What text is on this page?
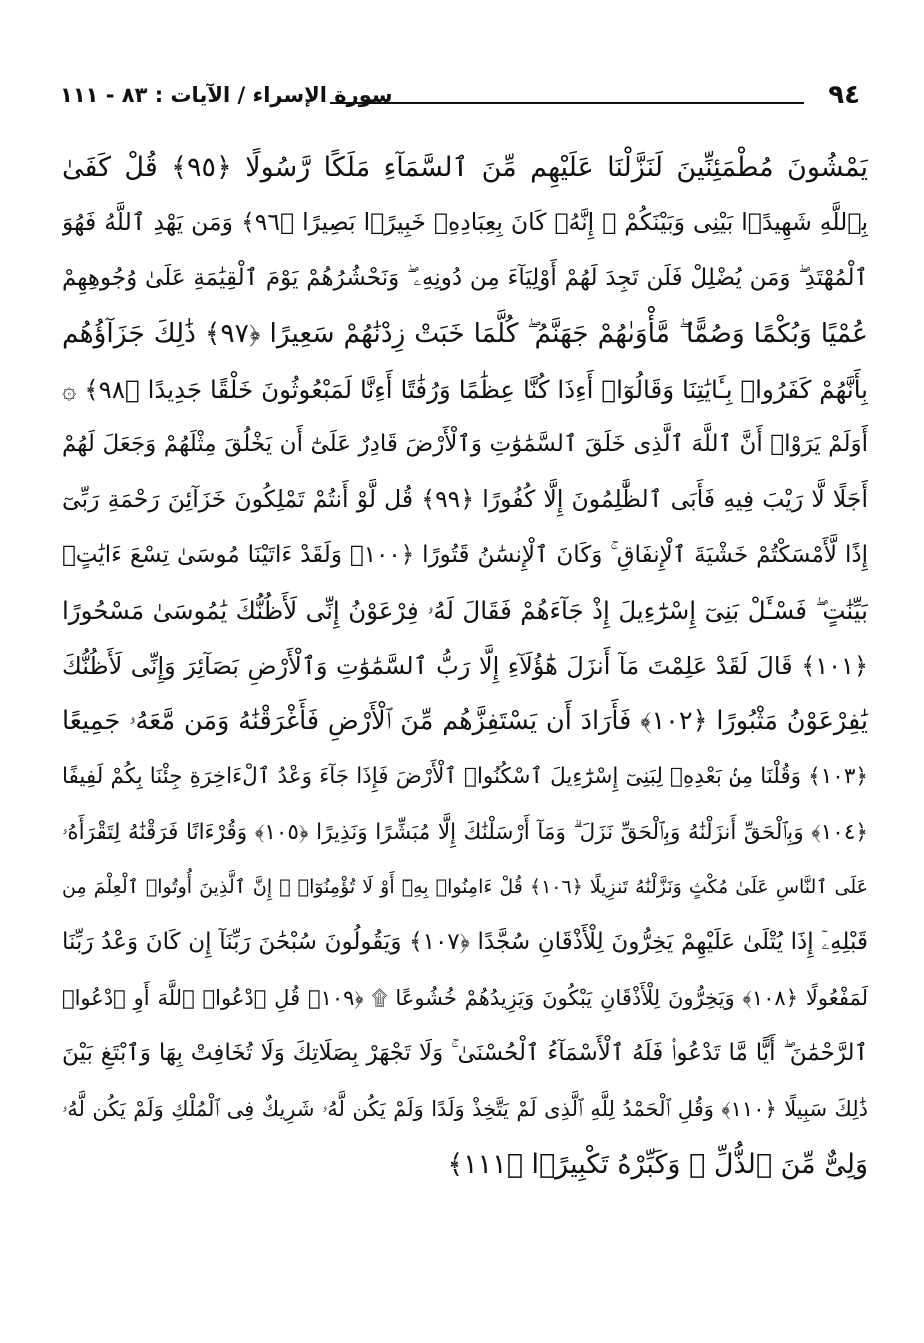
٩٤
سورة الإسراء / الآيات : ٨٣ - ١١١
يَمْشُونَ مُطْمَئِنِّينَ لَنَزَّلْنَا عَلَيْهِم مِّنَ ٱلسَّمَآءِ مَلَكًا رَّسُولًا ﴿٩٥﴾ قُلْ كَفَىٰ
بِٱللَّهِ شَهِيدًۢا بَيْنِى وَبَيْنَكُمْ ۚ إِنَّهُۥ كَانَ بِعِبَادِهِۦ خَبِيرًۢا بَصِيرًا ﴿٩٦﴾ وَمَن يَهْدِ ٱللَّهُ فَهُوَ
ٱلْمُهْتَدِ ۖ وَمَن يُضْلِلْ فَلَن تَجِدَ لَهُمْ أَوْلِيَآءَ مِن دُونِهِۦ ۖ وَنَحْشُرُهُمْ يَوْمَ ٱلْقِيَٰمَةِ عَلَىٰ وُجُوهِهِمْ
عُمْيًا وَبُكْمًا وَصُمًّا ۖ مَّأْوَىٰهُمْ جَهَنَّمُ ۖ كُلَّمَا خَبَتْ زِدْنَٰهُمْ سَعِيرًا ﴿٩٧﴾ ذَٰلِكَ جَزَآؤُهُم
بِأَنَّهُمْ كَفَرُوا۟ بِـَٔايَٰتِنَا وَقَالُوٓا۟ أَءِذَا كُنَّا عِظَٰمًا وَرُفَٰتًا أَءِنَّا لَمَبْعُوثُونَ خَلْقًا جَدِيدًا ﴿٩٨﴾ ۞
أَوَلَمْ يَرَوْا۟ أَنَّ ٱللَّهَ ٱلَّذِى خَلَقَ ٱلسَّمَٰوَٰتِ وَٱلْأَرْضَ قَادِرٌ عَلَىٰٓ أَن يَخْلُقَ مِثْلَهُمْ وَجَعَلَ لَهُمْ
أَجَلًا لَّا رَيْبَ فِيهِ فَأَبَى ٱلظَّٰلِمُونَ إِلَّا كُفُورًا ﴿٩٩﴾ قُل لَّوْ أَنتُمْ تَمْلِكُونَ خَزَآئِنَ رَحْمَةِ رَبِّىٓ
إِذًا لَّأَمْسَكْتُمْ خَشْيَةَ ٱلْإِنفَاقِ ۚ وَكَانَ ٱلْإِنسَٰنُ قَتُورًا ﴿١٠٠﴾ وَلَقَدْ ءَاتَيْنَا مُوسَىٰ تِسْعَ ءَايَٰتٍۭ
بَيِّنَٰتٍ ۖ فَسْـَٔلْ بَنِىٓ إِسْرَٰٓءِيلَ إِذْ جَآءَهُمْ فَقَالَ لَهُۥ فِرْعَوْنُ إِنِّى لَأَظُنُّكَ يَٰمُوسَىٰ مَسْحُورًا
﴿١٠١﴾ قَالَ لَقَدْ عَلِمْتَ مَآ أَنزَلَ هَٰٓؤُلَآءِ إِلَّا رَبُّ ٱلسَّمَٰوَٰتِ وَٱلْأَرْضِ بَصَآئِرَ وَإِنِّى لَأَظُنُّكَ
يَٰفِرْعَوْنُ مَثْبُورًا ﴿١٠٢﴾ فَأَرَادَ أَن يَسْتَفِزَّهُم مِّنَ ٱلْأَرْضِ فَأَغْرَقْنَٰهُ وَمَن مَّعَهُۥ جَمِيعًا
﴿١٠٣﴾ وَقُلْنَا مِنۢ بَعْدِهِۦ لِبَنِىٓ إِسْرَٰٓءِيلَ ٱسْكُنُوا۟ ٱلْأَرْضَ فَإِذَا جَآءَ وَعْدُ ٱلْءَاخِرَةِ جِئْنَا بِكُمْ لَفِيفًا
﴿١٠٤﴾ وَبِٱلْحَقِّ أَنزَلْنَٰهُ وَبِٱلْحَقِّ نَزَلَ ۗ وَمَآ أَرْسَلْنَٰكَ إِلَّا مُبَشِّرًا وَنَذِيرًا ﴿١٠٥﴾ وَقُرْءَانًا فَرَقْنَٰهُ لِتَقْرَأَهُۥ
عَلَى ٱلنَّاسِ عَلَىٰ مُكْثٍ وَنَزَّلْنَٰهُ تَنزِيلًا ﴿١٠٦﴾ قُلْ ءَامِنُوا۟ بِهِۦٓ أَوْ لَا تُؤْمِنُوٓا۟ ۚ إِنَّ ٱلَّذِينَ أُوتُوا۟ ٱلْعِلْمَ مِن
قَبْلِهِۦٓ إِذَا يُتْلَىٰ عَلَيْهِمْ يَخِرُّونَ لِلْأَذْقَانِ سُجَّدًا ﴿١٠٧﴾ وَيَقُولُونَ سُبْحَٰنَ رَبِّنَآ إِن كَانَ وَعْدُ رَبِّنَا
لَمَفْعُولًا ﴿١٠٨﴾ وَيَخِرُّونَ لِلْأَذْقَانِ يَبْكُونَ وَيَزِيدُهُمْ خُشُوعًا ۩ ﴿١٠٩﴾ قُلِ ٱدْعُوا۟ ٱللَّهَ أَوِ ٱدْعُوا۟
ٱلرَّحْمَٰنَ ۖ أَيًّا مَّا تَدْعُوا۟ فَلَهُ ٱلْأَسْمَآءُ ٱلْحُسْنَىٰ ۚ وَلَا تَجْهَرْ بِصَلَاتِكَ وَلَا تُخَافِتْ بِهَا وَٱبْتَغِ بَيْنَ
ذَٰلِكَ سَبِيلًا ﴿١١٠﴾ وَقُلِ ٱلْحَمْدُ لِلَّهِ ٱلَّذِى لَمْ يَتَّخِذْ وَلَدًا وَلَمْ يَكُن لَّهُۥ شَرِيكٌ فِى ٱلْمُلْكِ وَلَمْ يَكُن لَّهُۥ
وَلِىٌّ مِّنَ ٱلذُّلِّ ۖ وَكَبِّرْهُ تَكْبِيرًۢا ﴿١١١﴾
